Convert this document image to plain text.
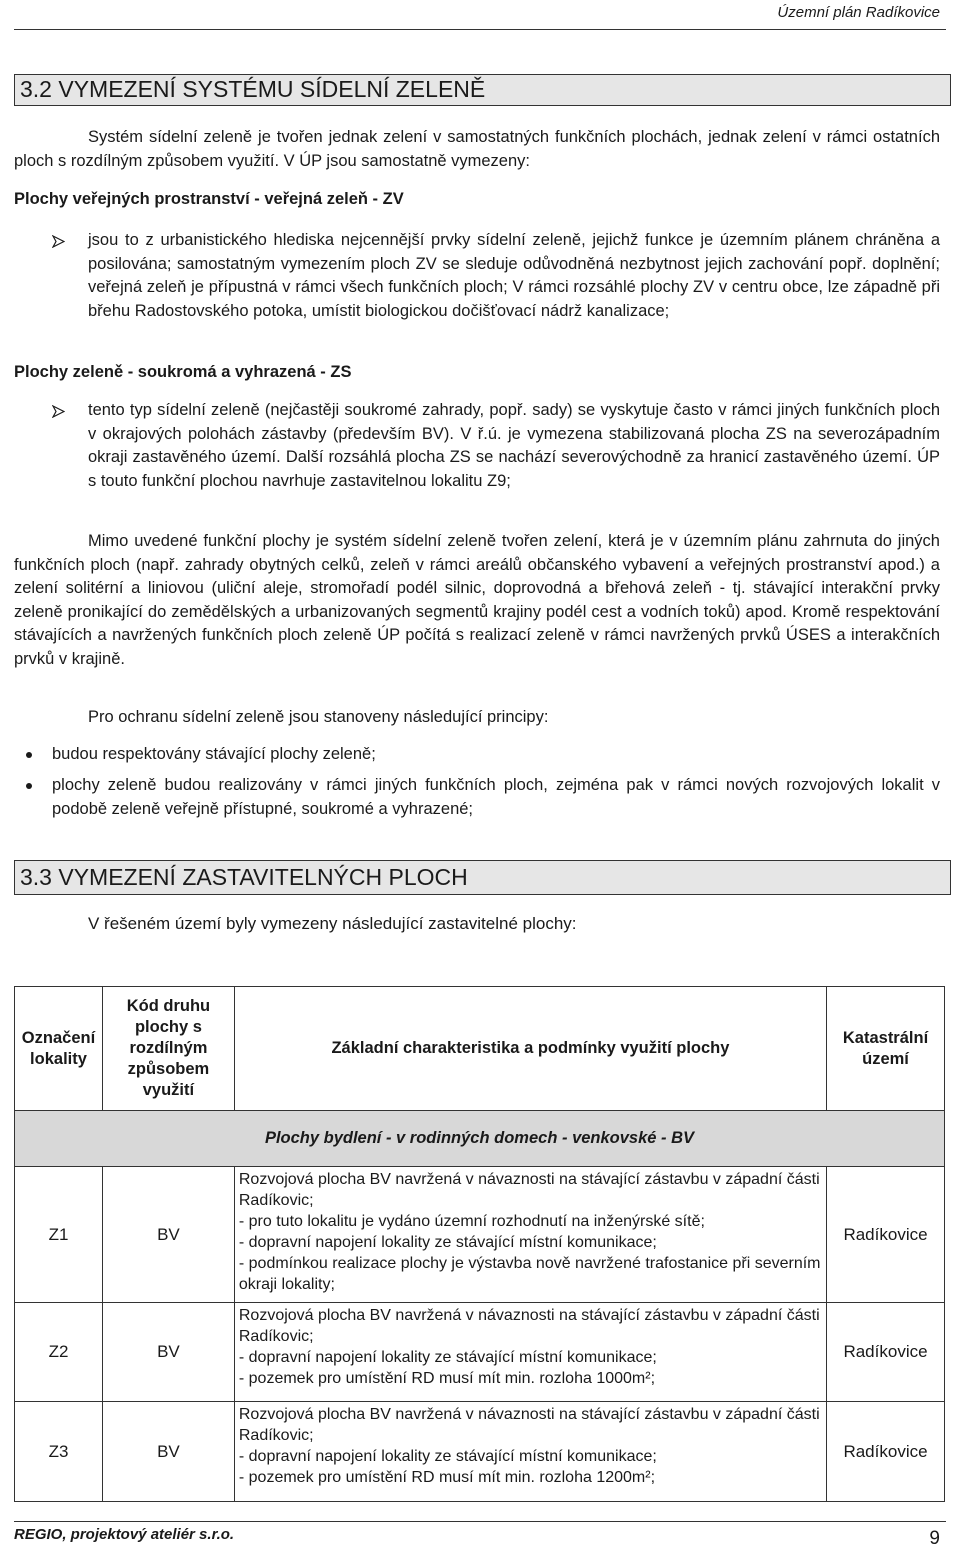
Územní plán Radíkovice
3.2 VYMEZENÍ SYSTÉMU SÍDELNÍ ZELENĚ
Systém sídelní zeleně je tvořen jednak zelení v samostatných funkčních plochách, jednak zelení v rámci ostatních ploch s rozdílným způsobem využití. V ÚP jsou samostatně vymezeny:
Plochy veřejných prostranství - veřejná zeleň - ZV
jsou to z urbanistického hlediska nejcennější prvky sídelní zeleně, jejichž funkce je územním plánem chráněna a posilována; samostatným vymezením ploch ZV se sleduje odůvodněná nezbytnost jejich zachování popř. doplnění; veřejná zeleň je přípustná v rámci všech funkčních ploch; V rámci rozsáhlé plochy ZV v centru obce, lze západně při břehu Radostovského potoka, umístit biologickou dočišťovací nádrž kanalizace;
Plochy zeleně - soukromá a vyhrazená - ZS
tento typ sídelní zeleně (nejčastěji soukromé zahrady, popř. sady) se vyskytuje často v rámci jiných funkčních ploch v okrajových polohách zástavby (především BV). V ř.ú. je vymezena stabilizovaná plocha ZS na severozápadním okraji zastavěného území. Další rozsáhlá plocha ZS se nachází severovýchodně za hranicí zastavěného území. ÚP s touto funkční plochou navrhuje zastavitelnou lokalitu Z9;
Mimo uvedené funkční plochy je systém sídelní zeleně tvořen zelení, která je v územním plánu zahrnuta do jiných funkčních ploch (např. zahrady obytných celků, zeleň v rámci areálů občanského vybavení a veřejných prostranství apod.) a zelení solitérní a liniovou (uliční aleje, stromořadí podél silnic, doprovodná a břehová zeleň - tj. stávající interakční prvky zeleně pronikající do zemědělských a urbanizovaných segmentů krajiny podél cest a vodních toků) apod. Kromě respektování stávajících a navržených funkčních ploch zeleně ÚP počítá s realizací zeleně v rámci navržených prvků ÚSES a interakčních prvků v krajině.
Pro ochranu sídelní zeleně jsou stanoveny následující principy:
budou respektovány stávající plochy zeleně;
plochy zeleně budou realizovány v rámci jiných funkčních ploch, zejména pak v rámci nových rozvojových lokalit v podobě zeleně veřejně přístupné, soukromé a vyhrazené;
3.3 VYMEZENÍ ZASTAVITELNÝCH PLOCH
V řešeném území byly vymezeny následující zastavitelné plochy:
Označení lokality	Kód druhu plochy s rozdílným způsobem využití	Základní charakteristika a podmínky využití plochy	Katastrální území
Plochy bydlení - v rodinných domech - venkovské - BV			
Z1	BV	Rozvojová plocha BV navržená v návaznosti na stávající zástavbu v západní části Radíkovic;
- pro tuto lokalitu je vydáno územní rozhodnutí na inženýrské sítě;
- dopravní napojení lokality ze stávající místní komunikace;
- podmínkou realizace plochy je výstavba nově navržené trafostanice při severním okraji lokality;	Radíkovice
Z2	BV	Rozvojová plocha BV navržená v návaznosti na stávající zástavbu v západní části Radíkovic;
- dopravní napojení lokality ze stávající místní komunikace;
- pozemek pro umístění RD musí mít min. rozloha 1000m²;	Radíkovice
Z3	BV	Rozvojová plocha BV navržená v návaznosti na stávající zástavbu v západní části Radíkovic;
- dopravní napojení lokality ze stávající místní komunikace;
- pozemek pro umístění RD musí mít min. rozloha 1200m²;	Radíkovice
REGIO, projektový ateliér s.r.o.	9
